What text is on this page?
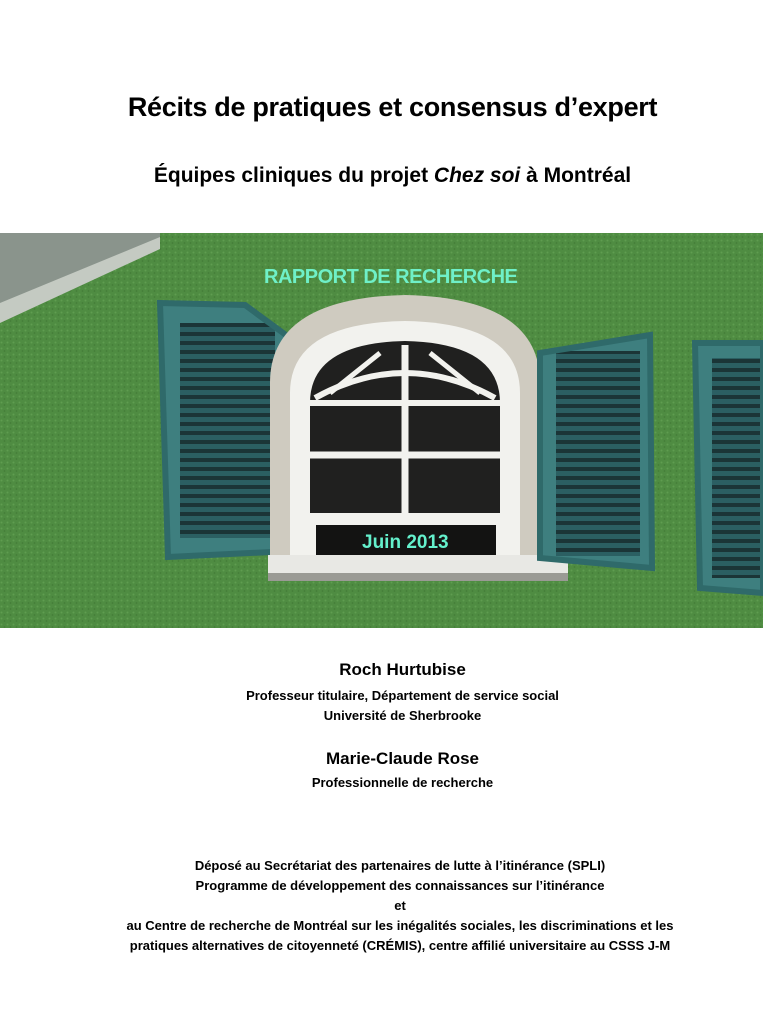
Récits de pratiques et consensus d’expert
Équipes cliniques du projet Chez soi à Montréal
RAPPORT DE RECHERCHE
Juin 2013
Roch Hurtubise
Professeur titulaire, Département de service social
Université de Sherbrooke
Marie-Claude Rose
Professionnelle de recherche
Déposé au Secrétariat des partenaires de lutte à l’itinérance (SPLI)
Programme de développement des connaissances sur l’itinérance
et
au Centre de recherche de Montréal sur les inégalités sociales, les discriminations et les
pratiques alternatives de citoyenneté (CRÉMIS), centre affilié universitaire au CSSS J-M
